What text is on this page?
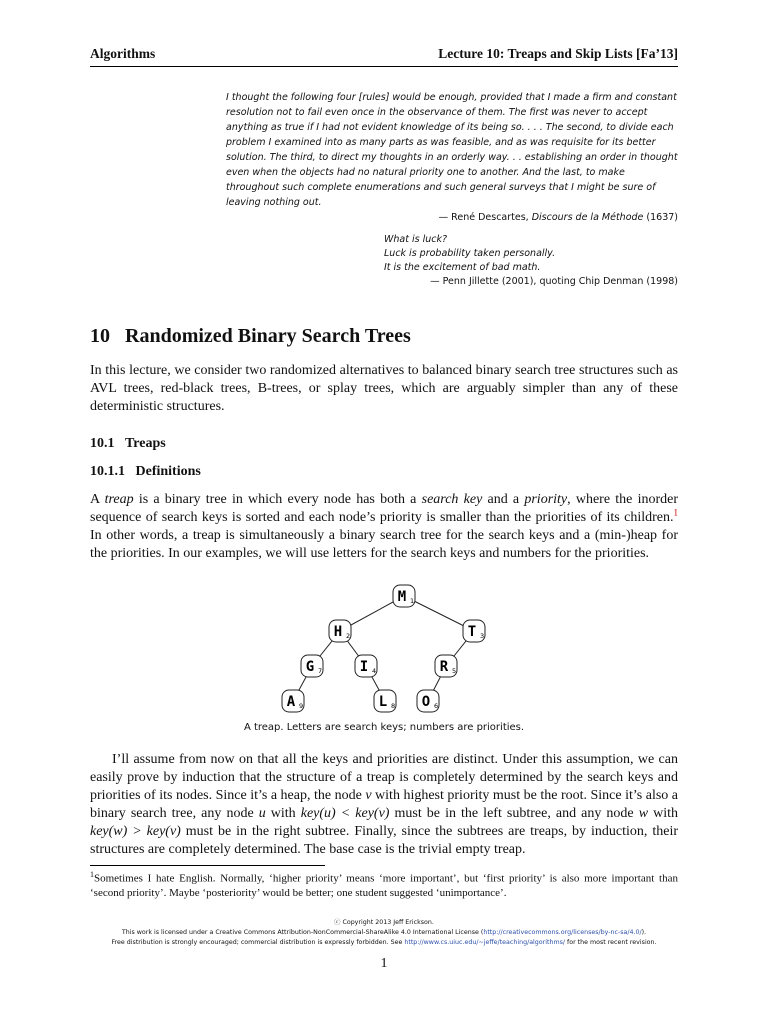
Algorithms	Lecture 10: Treaps and Skip Lists [Fa’13]
I thought the following four [rules] would be enough, provided that I made a firm and constant resolution not to fail even once in the observance of them. The first was never to accept anything as true if I had not evident knowledge of its being so. . . . The second, to divide each problem I examined into as many parts as was feasible, and as was requisite for its better solution. The third, to direct my thoughts in an orderly way. . . establishing an order in thought even when the objects had no natural priority one to another. And the last, to make throughout such complete enumerations and such general surveys that I might be sure of leaving nothing out.
— René Descartes, Discours de la Méthode (1637)
What is luck?
Luck is probability taken personally.
It is the excitement of bad math.
— Penn Jillette (2001), quoting Chip Denman (1998)
10 Randomized Binary Search Trees

In this lecture, we consider two randomized alternatives to balanced binary search tree structures such as AVL trees, red-black trees, B-trees, or splay trees, which are arguably simpler than any of these deterministic structures.

10.1 Treaps
10.1.1 Definitions

A treap is a binary tree in which every node has both a search key and a priority, where the inorder sequence of search keys is sorted and each node’s priority is smaller than the priorities of its children.$^1$ In other words, a treap is simultaneously a binary search tree for the search keys and a (min-)heap for the priorities. In our examples, we will use letters for the search keys and numbers for the priorities.

M 1
H 2	T 3
G 7	I 4	R 5
A 9	L 8 O 6
A treap. Letters are search keys; numbers are priorities.

I’ll assume from now on that all the keys and priorities are distinct. Under this assumption, we can easily prove by induction that the structure of a treap is completely determined by the search keys and priorities of its nodes. Since it’s a heap, the node v with highest priority must be the root. Since it’s also a binary search tree, any node u with key(u) < key(v) must be in the left subtree, and any node w with key(w) > key(v) must be in the right subtree. Finally, since the subtrees are treaps, by induction, their structures are completely determined. The base case is the trivial empty treap.

$^1$Sometimes I hate English. Normally, ‘higher priority’ means ‘more important’, but ‘first priority’ is also more important than ‘second priority’. Maybe ‘posteriority’ would be better; one student suggested ‘unimportance’.
ⓒ Copyright 2013 Jeff Erickson.
This work is licensed under a Creative Commons Attribution-NonCommercial-ShareAlike 4.0 International License (http://creativecommons.org/licenses/by-nc-sa/4.0/).
Free distribution is strongly encouraged; commercial distribution is expressly forbidden. See http://www.cs.uiuc.edu/~jeffe/teaching/algorithms/ for the most recent revision.
1
